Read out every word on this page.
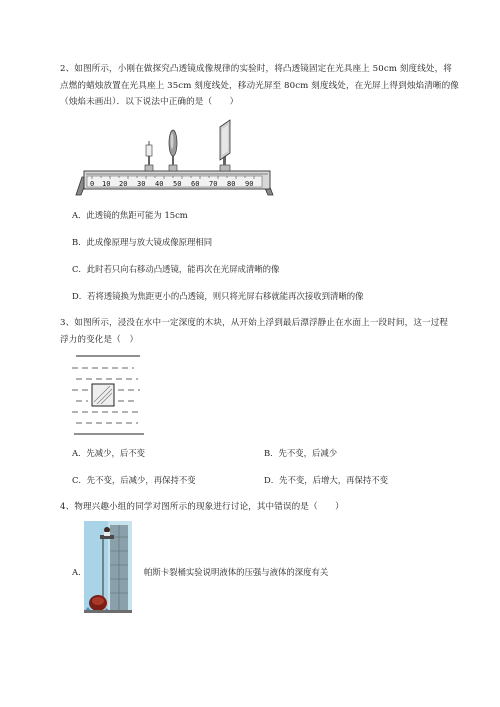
2、如图所示，小刚在做探究凸透镜成像规律的实验时，将凸透镜固定在光具座上 50cm 刻度线处，将
点燃的蜡烛放置在光具座上 35cm 刻度线处，移动光屏至 80cm 刻度线处，在光屏上得到烛焰清晰的像
（烛焰未画出）．以下说法中正确的是（　　）
0 10 20 30 40 50 60 70 80 90
A．此透镜的焦距可能为 15cm
B．此成像原理与放大镜成像原理相同
C．此时若只向右移动凸透镜，能再次在光屏成清晰的像
D．若将透镜换为焦距更小的凸透镜，则只将光屏右移就能再次接收到清晰的像
3、如图所示，浸没在水中一定深度的木块，从开始上浮到最后漂浮静止在水面上一段时间，这一过程
浮力的变化是（　）
A．先减少，后不变	B．先不变，后减少
C．先不变，后减少，再保持不变	D．先不变，后增大，再保持不变
4、物理兴趣小组的同学对图所示的现象进行讨论，其中错误的是（　　）
A.	帕斯卡裂桶实验说明液体的压强与液体的深度有关
